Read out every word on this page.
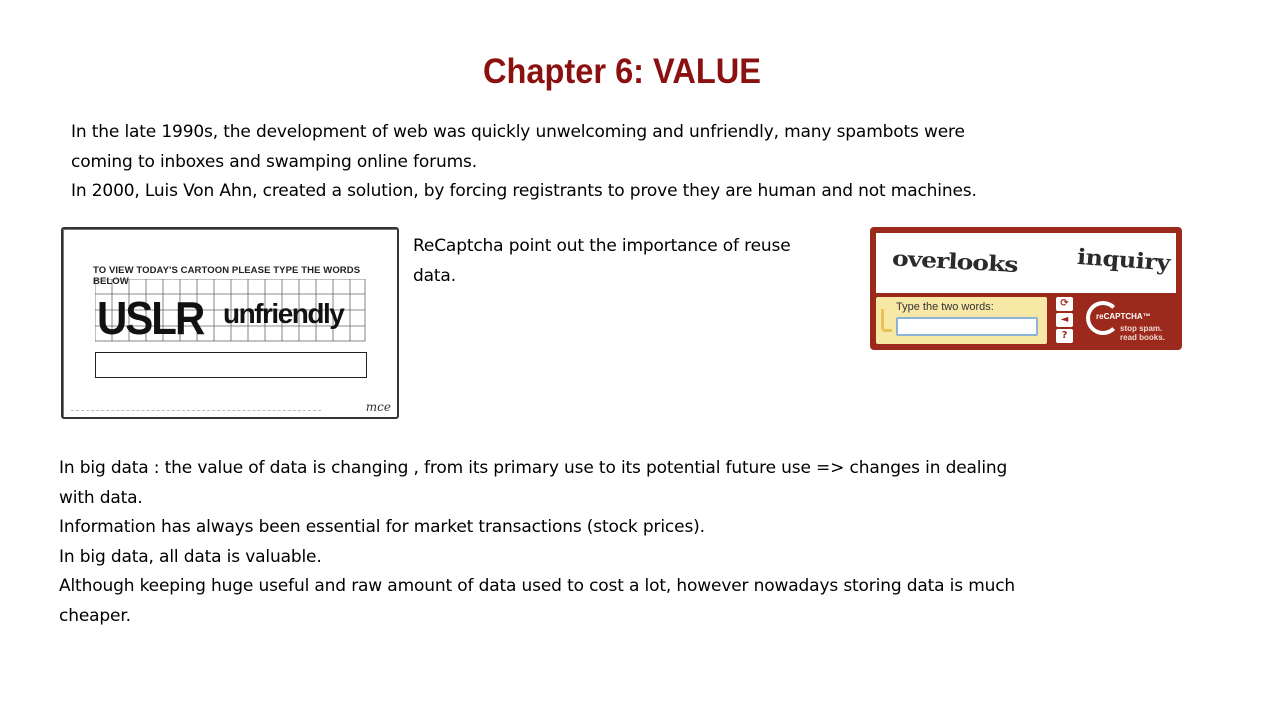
Chapter 6: VALUE
In the late 1990s, the development of web was quickly unwelcoming and unfriendly, many spambots were
coming to inboxes and swamping online forums.
In 2000, Luis Von Ahn, created a solution, by forcing registrants to prove they are human and not machines.
TO VIEW TODAY'S CARTOON PLEASE TYPE THE WORDS BELOW
USLR unfriendly
mce
ReCaptcha point out the importance of reuse
data.	overlooks inquiry
Type the two words:	⟳
◄
?
reCAPTCHA™
stop spam.
read books.
In big data : the value of data is changing , from its primary use to its potential future use => changes in dealing
with data.
Information has always been essential for market transactions (stock prices).
In big data, all data is valuable.
Although keeping huge useful and raw amount of data used to cost a lot, however nowadays storing data is much
cheaper.
